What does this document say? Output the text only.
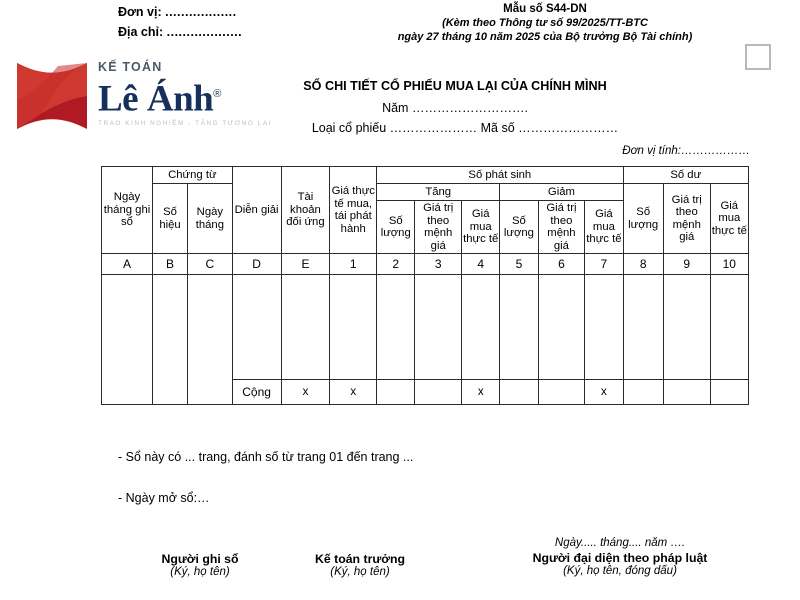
Đơn vị: ..................
Địa chỉ: ...................
Mẫu số S44-DN
(Kèm theo Thông tư số 99/2025/TT-BTC
ngày 27 tháng 10 năm 2025 của Bộ trưởng Bộ Tài chính)
KẾ TOÁN
Lê Ánh®
TRAO KINH NGHIỆM - TĂNG TƯƠNG LAI
SỔ CHI TIẾT CỔ PHIẾU MUA LẠI CỦA CHÍNH MÌNH
Năm ……………………….
Loại cổ phiếu ………………… Mã số ……………………
Đơn vị tính:………………
Ngày tháng ghi sổ	Chứng từ		Diễn giải	Tài khoản đối ứng	Giá thực tế mua, tái phát hành	Số phát sinh						Số dư		
	Số hiệu	Ngày tháng				Tăng			Giảm			Số lượng	Giá trị theo mệnh giá	Giá mua thực tế
						Số lượng	Giá trị theo mệnh giá	Giá mua thực tế	Số lượng	Giá trị theo mệnh giá	Giá mua thực tế			
A	B	C	D	E	1	2	3	4	5	6	7	8	9	10

			Cộng	x	x			x			x			
- Sổ này có ... trang, đánh số từ trang 01 đến trang ...
- Ngày mở sổ:…
Người ghi sổ
(Ký, họ tên)
Kế toán trưởng
(Ký, họ tên)
Ngày..... tháng.... năm ….
Người đại diện theo pháp luật
(Ký, họ tên, đóng dấu)
